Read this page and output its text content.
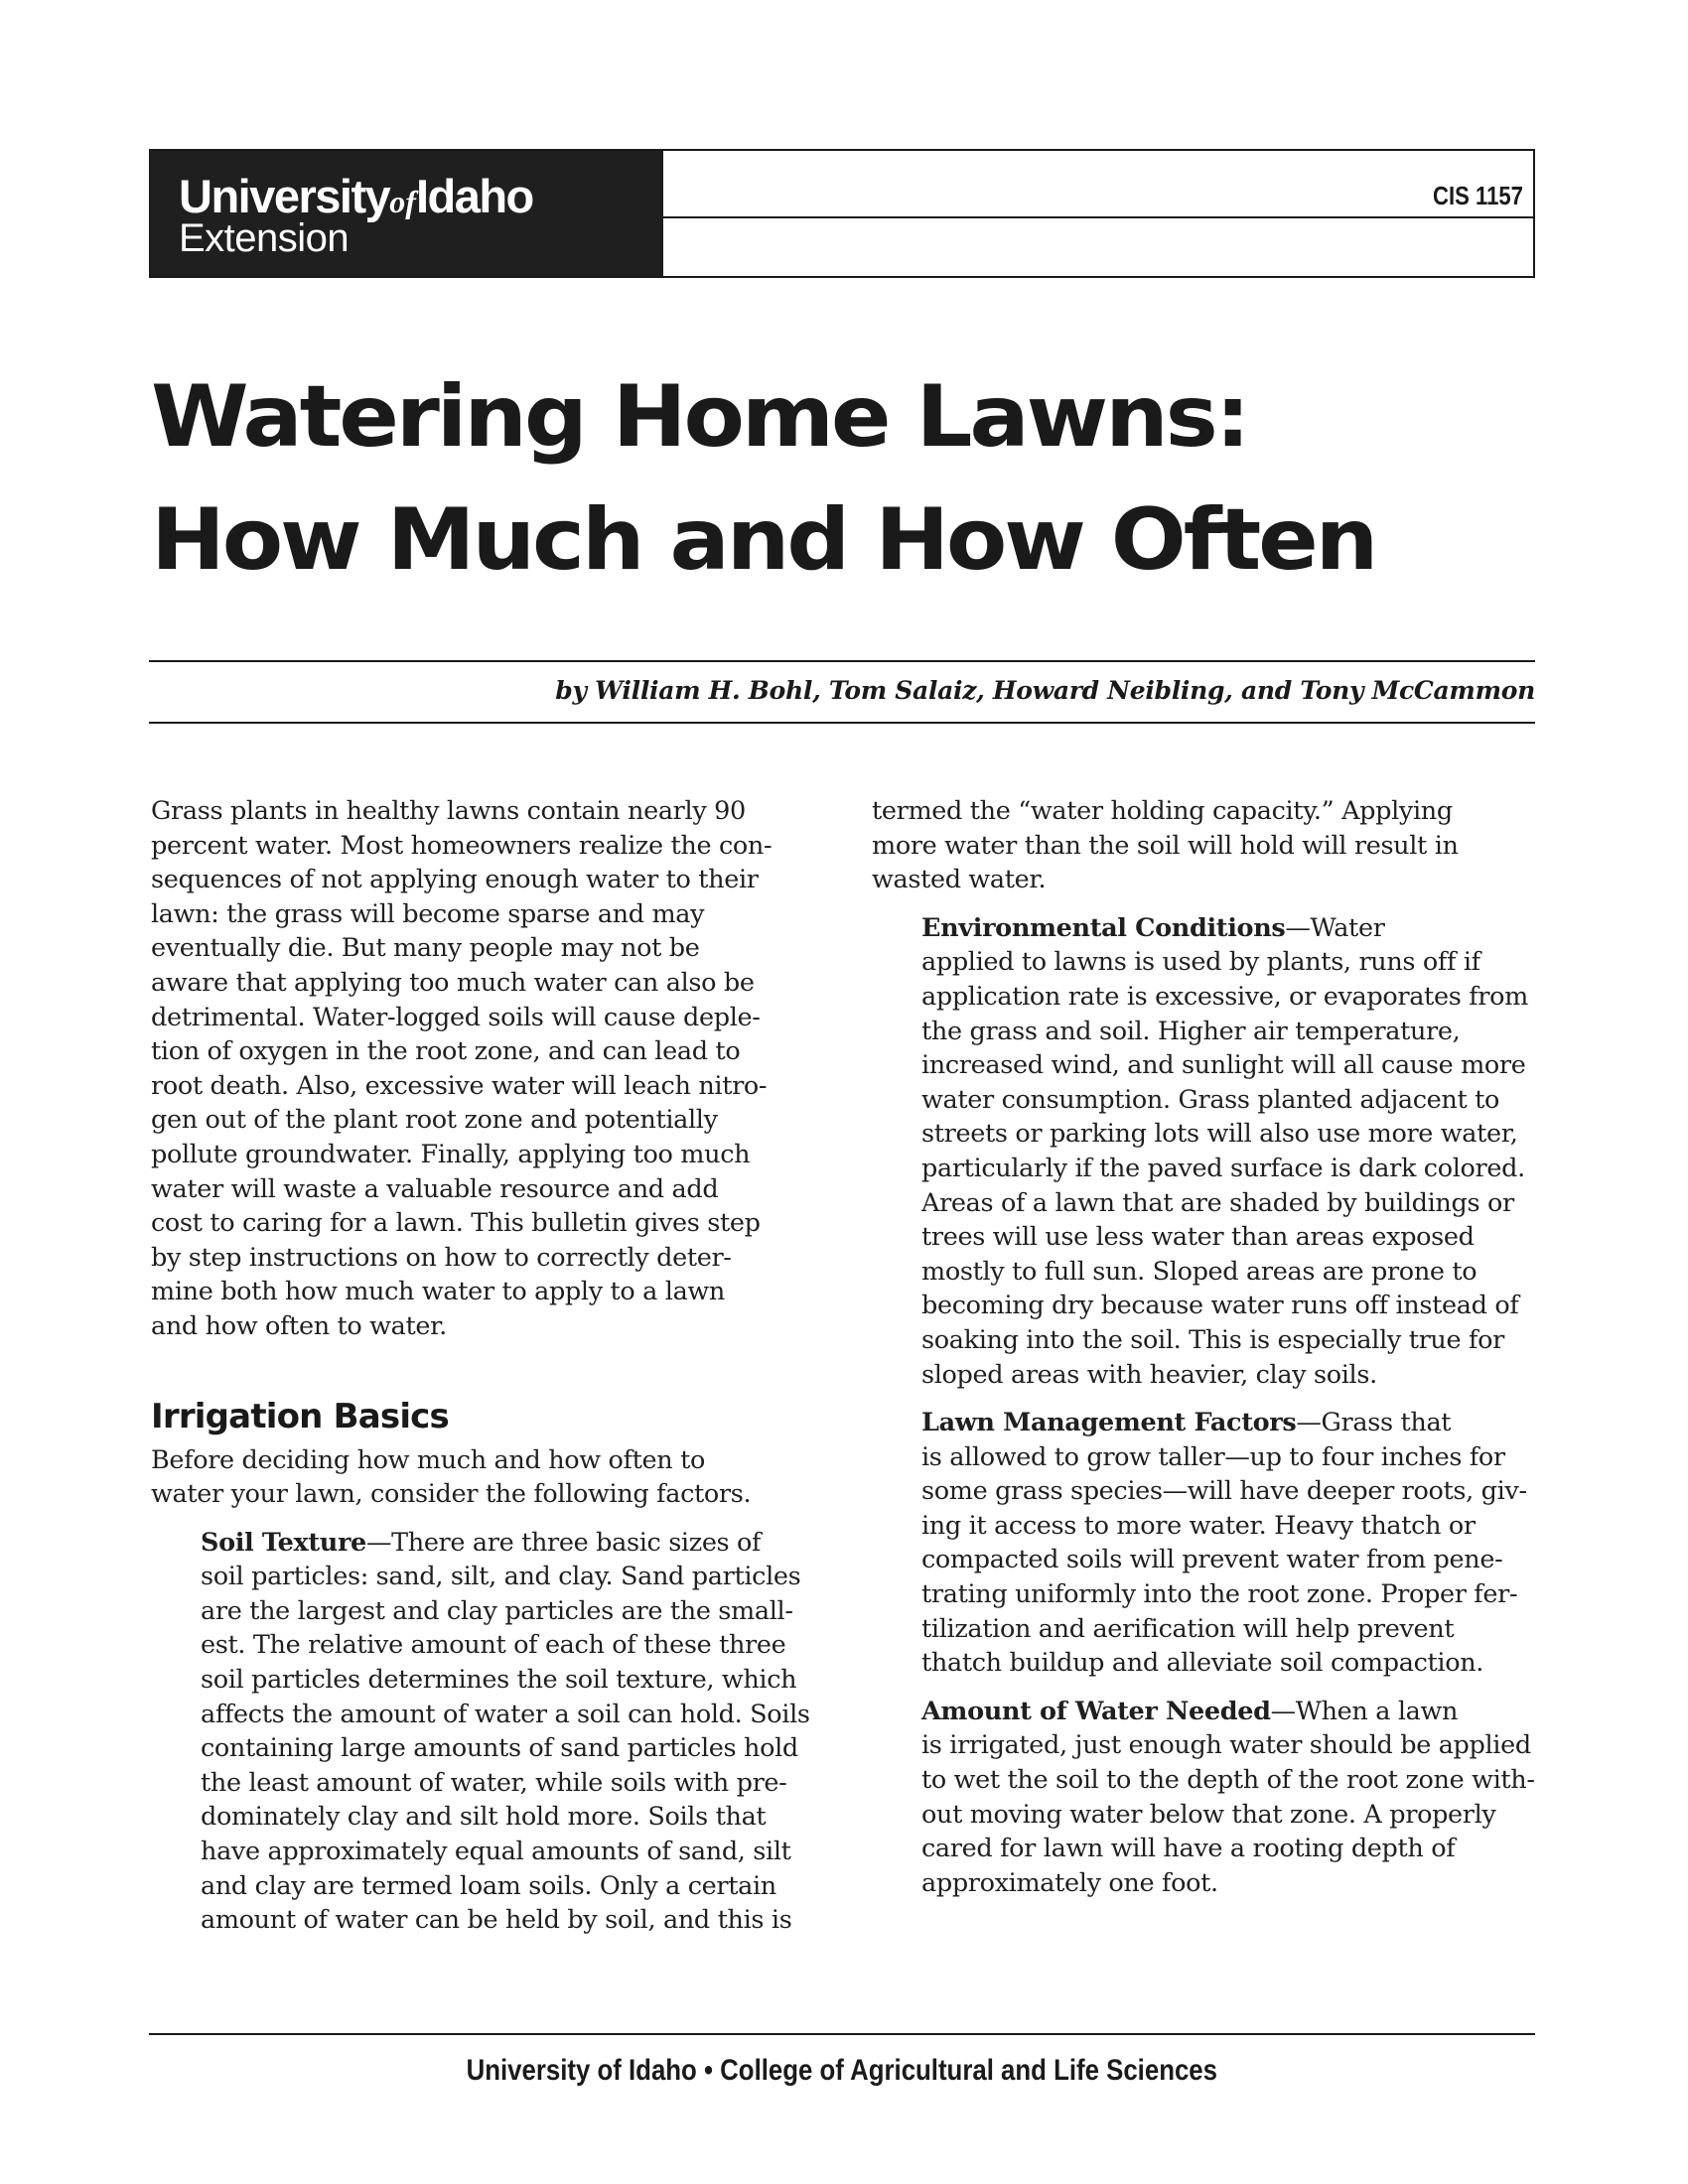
UniversityofIdaho
Extension
CIS 1157
Watering Home Lawns:
How Much and How Often
by William H. Bohl, Tom Salaiz, Howard Neibling, and Tony McCammon

Grass plants in healthy lawns contain nearly 90
percent water. Most homeowners realize the con-
sequences of not applying enough water to their
lawn: the grass will become sparse and may
eventually die. But many people may not be
aware that applying too much water can also be
detrimental. Water-logged soils will cause deple-
tion of oxygen in the root zone, and can lead to
root death. Also, excessive water will leach nitro-
gen out of the plant root zone and potentially
pollute groundwater. Finally, applying too much
water will waste a valuable resource and add
cost to caring for a lawn. This bulletin gives step
by step instructions on how to correctly deter-
mine both how much water to apply to a lawn
and how often to water.

Irrigation Basics

Before deciding how much and how often to
water your lawn, consider the following factors.

Soil Texture—There are three basic sizes of
soil particles: sand, silt, and clay. Sand particles
are the largest and clay particles are the small-
est. The relative amount of each of these three
soil particles determines the soil texture, which
affects the amount of water a soil can hold. Soils
containing large amounts of sand particles hold
the least amount of water, while soils with pre-
dominately clay and silt hold more. Soils that
have approximately equal amounts of sand, silt
and clay are termed loam soils. Only a certain
amount of water can be held by soil, and this is

termed the “water holding capacity.” Applying
more water than the soil will hold will result in
wasted water.

Environmental Conditions—Water
applied to lawns is used by plants, runs off if
application rate is excessive, or evaporates from
the grass and soil. Higher air temperature,
increased wind, and sunlight will all cause more
water consumption. Grass planted adjacent to
streets or parking lots will also use more water,
particularly if the paved surface is dark colored.
Areas of a lawn that are shaded by buildings or
trees will use less water than areas exposed
mostly to full sun. Sloped areas are prone to
becoming dry because water runs off instead of
soaking into the soil. This is especially true for
sloped areas with heavier, clay soils.

Lawn Management Factors—Grass that
is allowed to grow taller—up to four inches for
some grass species—will have deeper roots, giv-
ing it access to more water. Heavy thatch or
compacted soils will prevent water from pene-
trating uniformly into the root zone. Proper fer-
tilization and aerification will help prevent
thatch buildup and alleviate soil compaction.

Amount of Water Needed—When a lawn
is irrigated, just enough water should be applied
to wet the soil to the depth of the root zone with-
out moving water below that zone. A properly
cared for lawn will have a rooting depth of
approximately one foot.

University of Idaho • College of Agricultural and Life Sciences
